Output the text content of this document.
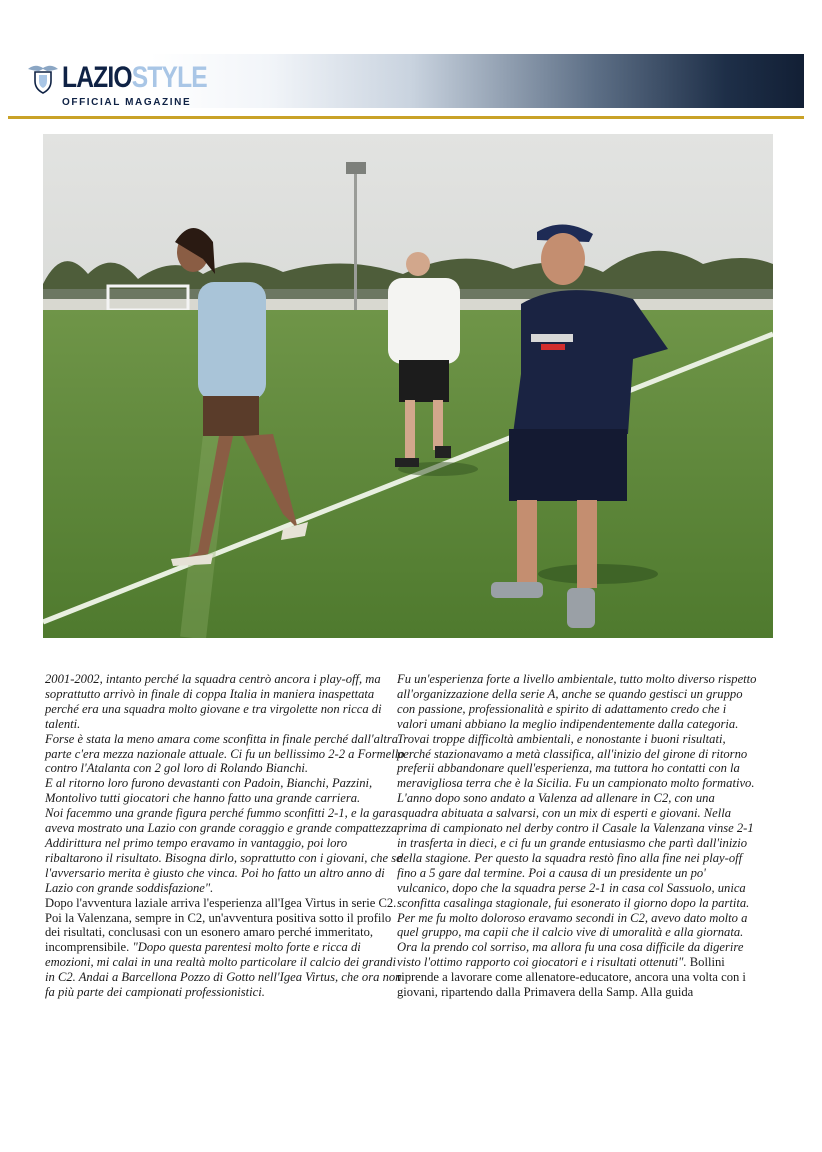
LAZIOSTYLE
OFFICIAL MAGAZINE

2001-2002, intanto perché la squadra centrò ancora i play-off, ma soprattutto arrivò in finale di coppa Italia in maniera inaspettata perché era una squadra molto giovane e tra virgolette non ricca di talenti.

Forse è stata la meno amara come sconfitta in finale perché dall'altra parte c'era mezza nazionale attuale. Ci fu un bellissimo 2-2 a Formello contro l'Atalanta con 2 gol loro di Rolando Bianchi.

E al ritorno loro furono devastanti con Padoin, Bianchi, Pazzini, Montolivo tutti giocatori che hanno fatto una grande carriera.

Noi facemmo una grande figura perché fummo sconfitti 2-1, e la gara aveva mostrato una Lazio con grande coraggio e grande compattezza. Addirittura nel primo tempo eravamo in vantaggio, poi loro ribaltarono il risultato. Bisogna dirlo, soprattutto con i giovani, che se l'avversario merita è giusto che vinca. Poi ho fatto un altro anno di Lazio con grande soddisfazione".

Dopo l'avventura laziale arriva l'esperienza all'Igea Virtus in serie C2. Poi la Valenzana, sempre in C2, un'avventura positiva sotto il profilo dei risultati, conclusasi con un esonero amaro perché immeritato, incomprensibile. "Dopo questa parentesi molto forte e ricca di emozioni, mi calai in una realtà molto particolare il calcio dei grandi in C2. Andai a Barcellona Pozzo di Gotto nell'Igea Virtus, che ora non fa più parte dei campionati professionistici.

Fu un'esperienza forte a livello ambientale, tutto molto diverso rispetto all'organizzazione della serie A, anche se quando gestisci un gruppo con passione, professionalità e spirito di adattamento credo che i valori umani abbiano la meglio indipendentemente dalla categoria. Trovai troppe difficoltà ambientali, e nonostante i buoni risultati, perché stazionavamo a metà classifica, all'inizio del girone di ritorno preferii abbandonare quell'esperienza, ma tuttora ho contatti con la meravigliosa terra che è la Sicilia. Fu un campionato molto formativo.

L'anno dopo sono andato a Valenza ad allenare in C2, con una squadra abituata a salvarsi, con un mix di esperti e giovani. Nella prima di campionato nel derby contro il Casale la Valenzana vinse 2-1 in trasferta in dieci, e ci fu un grande entusiasmo che partì dall'inizio della stagione. Per questo la squadra restò fino alla fine nei play-off fino a 5 gare dal termine. Poi a causa di un presidente un po' vulcanico, dopo che la squadra perse 2-1 in casa col Sassuolo, unica sconfitta casalinga stagionale, fui esonerato il giorno dopo la partita. Per me fu molto doloroso eravamo secondi in C2, avevo dato molto a quel gruppo, ma capii che il calcio vive di umoralità e alla giornata. Ora la prendo col sorriso, ma allora fu una cosa difficile da digerire visto l'ottimo rapporto coi giocatori e i risultati ottenuti". Bollini riprende a lavorare come allenatore-educatore, ancora una volta con i giovani, ripartendo dalla Primavera della Samp. Alla guida
